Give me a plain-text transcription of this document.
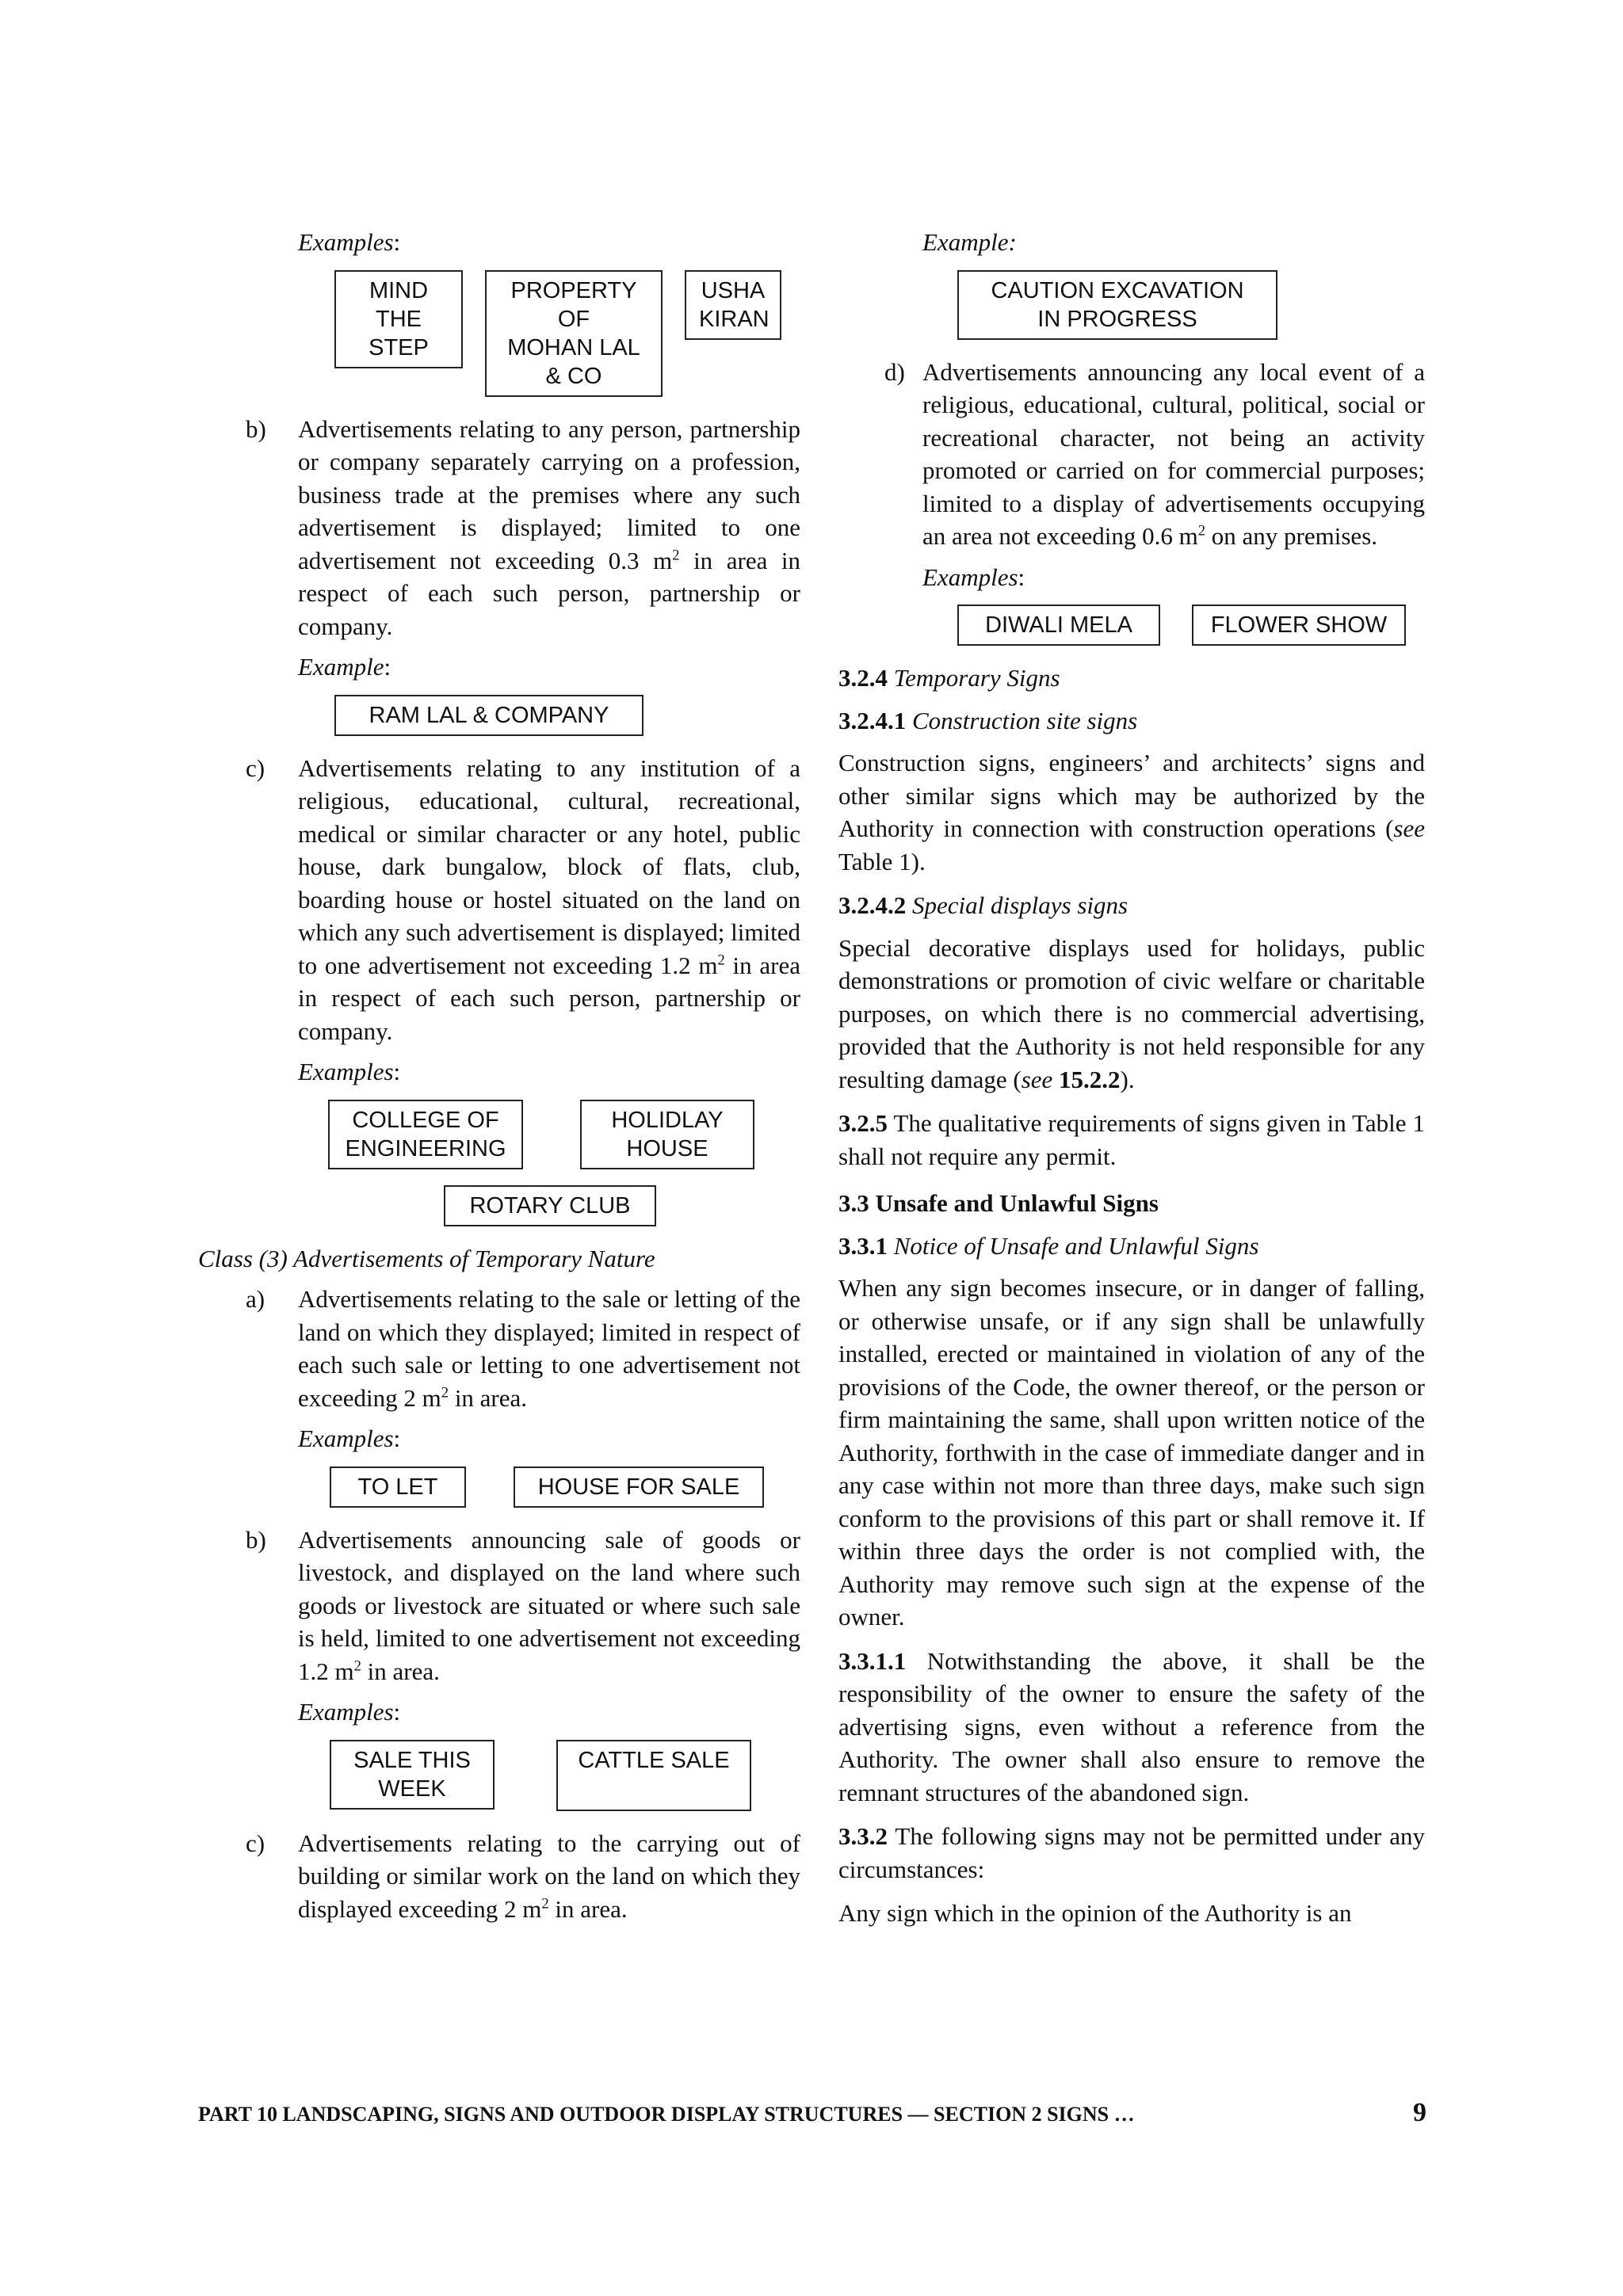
Examples:
MIND
THE STEP
PROPERTY OF
MOHAN LAL
& CO
USHA
KIRAN
b) Advertisements relating to any person, partnership or company separately carrying on a profession, business trade at the premises where any such advertisement is displayed; limited to one advertisement not exceeding 0.3 $m^2$ in area in respect of each such person, partnership or company.
Example:
RAM LAL & COMPANY
c) Advertisements relating to any institution of a religious, educational, cultural, recreational, medical or similar character or any hotel, public house, dark bungalow, block of flats, club, boarding house or hostel situated on the land on which any such advertisement is displayed; limited to one advertisement not exceeding 1.2 $m^2$ in area in respect of each such person, partnership or company.
Examples:
COLLEGE OF
ENGINEERING
HOLIDLAY
HOUSE
ROTARY CLUB
Class (3) Advertisements of Temporary Nature
a) Advertisements relating to the sale or letting of the land on which they displayed; limited in respect of each such sale or letting to one advertisement not exceeding 2 $m^2$ in area.
Examples:
TO LET	HOUSE FOR SALE
b) Advertisements announcing sale of goods or livestock, and displayed on the land where such goods or livestock are situated or where such sale is held, limited to one advertisement not exceeding 1.2 $m^2$ in area.
Examples:
SALE THIS
WEEK
CATTLE SALE
c) Advertisements relating to the carrying out of building or similar work on the land on which they displayed exceeding 2 $m^2$ in area.
Example:
CAUTION EXCAVATION
IN PROGRESS
d) Advertisements announcing any local event of a religious, educational, cultural, political, social or recreational character, not being an activity promoted or carried on for commercial purposes; limited to a display of advertisements occupying an area not exceeding 0.6 $m^2$ on any premises.
Examples:
DIWALI MELA	FLOWER SHOW
3.2.4 Temporary Signs
3.2.4.1 Construction site signs
Construction signs, engineers’ and architects’ signs and other similar signs which may be authorized by the Authority in connection with construction operations (see Table 1).
3.2.4.2 Special displays signs
Special decorative displays used for holidays, public demonstrations or promotion of civic welfare or charitable purposes, on which there is no commercial advertising, provided that the Authority is not held responsible for any resulting damage (see 15.2.2).
3.2.5 The qualitative requirements of signs given in Table 1 shall not require any permit.
3.3 Unsafe and Unlawful Signs
3.3.1 Notice of Unsafe and Unlawful Signs
When any sign becomes insecure, or in danger of falling, or otherwise unsafe, or if any sign shall be unlawfully installed, erected or maintained in violation of any of the provisions of the Code, the owner thereof, or the person or firm maintaining the same, shall upon written notice of the Authority, forthwith in the case of immediate danger and in any case within not more than three days, make such sign conform to the provisions of this part or shall remove it. If within three days the order is not complied with, the Authority may remove such sign at the expense of the owner.
3.3.1.1 Notwithstanding the above, it shall be the responsibility of the owner to ensure the safety of the advertising signs, even without a reference from the Authority. The owner shall also ensure to remove the remnant structures of the abandoned sign.
3.3.2 The following signs may not be permitted under any circumstances:
Any sign which in the opinion of the Authority is an
PART 10 LANDSCAPING, SIGNS AND OUTDOOR DISPLAY STRUCTURES — SECTION 2 SIGNS …	9
